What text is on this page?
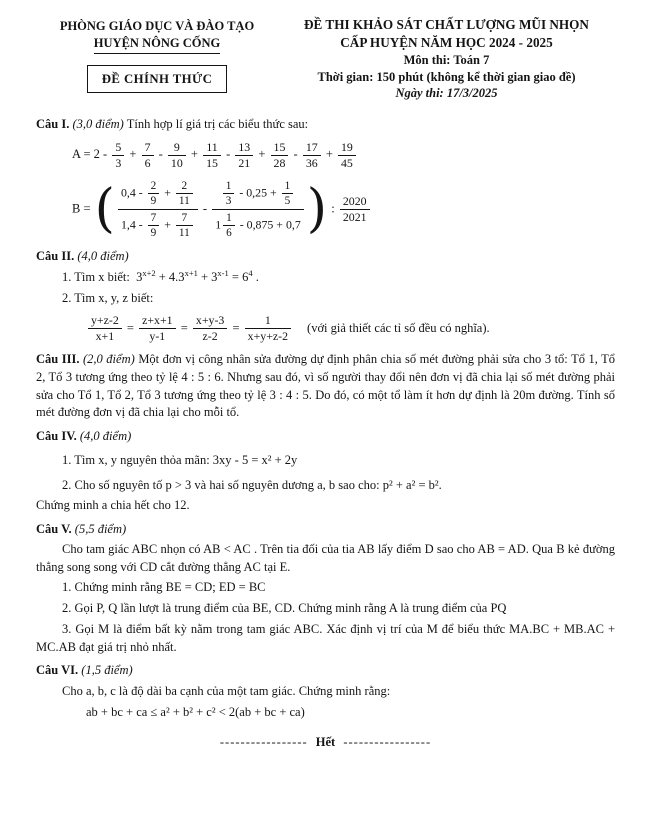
PHÒNG GIÁO DỤC VÀ ĐÀO TẠO
HUYỆN NÔNG CỐNG
ĐỀ CHÍNH THỨC
ĐỀ THI KHẢO SÁT CHẤT LƯỢNG MŨI NHỌN
CẤP HUYỆN NĂM HỌC 2024 - 2025
Môn thi: Toán 7
Thời gian: 150 phút (không kể thời gian giao đề)
Ngày thi: 17/3/2025

Câu I. (3,0 điểm) Tính hợp lí giá trị các biểu thức sau:

$A = 2 - \frac{5}{3} + \frac{7}{6} - \frac{9}{10} + \frac{11}{15} - \frac{13}{21} + \frac{15}{28} - \frac{17}{36} + \frac{19}{45}$
B = ( $\frac{0,4 - \frac{2}{9} + \frac{2}{11}}{1,4 - \frac{7}{9} + \frac{7}{11}} - \frac{\frac{1}{3} - 0,25 + \frac{1}{5}}{1 \frac{1}{6} - 0,875 + 0,7}$ ) : $\frac{2020}{2021}$

Câu II. (4,0 điểm)

1. Tìm x biết: $3^{x+2} + 4.3^{x+1} + 3^{x-1} = 6^4$ .

2. Tìm x, y, z biết:

$\frac{y+z-2}{x+1} = \frac{z+x+1}{y-1} = \frac{x+y-3}{z-2} = \frac{1}{x+y+z-2}$ (với giả thiết các tỉ số đều có nghĩa).

Câu III. (2,0 điểm) Một đơn vị công nhân sửa đường dự định phân chia số mét đường phải sửa cho 3 tổ: Tổ 1, Tổ 2, Tổ 3 tương ứng theo tỷ lệ 4 : 5 : 6. Nhưng sau đó, vì số người thay đổi nên đơn vị đã chia lại số mét đường phải sửa cho Tổ 1, Tổ 2, Tổ 3 tương ứng theo tỷ lệ 3 : 4 : 5. Do đó, có một tổ làm ít hơn dự định là 20m đường. Tính số mét đường đơn vị đã chia lại cho mỗi tổ.

Câu IV. (4,0 điểm)

1. Tìm x, y nguyên thỏa mãn: 3xy - 5 = x² + 2y

2. Cho số nguyên tố p > 3 và hai số nguyên dương a, b sao cho: p² + a² = b².

Chứng minh a chia hết cho 12.

Câu V. (5,5 điểm)

Cho tam giác ABC nhọn có AB < AC . Trên tia đối của tia AB lấy điểm D sao cho AB = AD. Qua B kẻ đường thẳng song song với CD cắt đường thẳng AC tại E.

1. Chứng minh rằng BE = CD; ED = BC

2. Gọi P, Q lần lượt là trung điểm của BE, CD. Chứng minh rằng A là trung điểm của PQ

3. Gọi M là điểm bất kỳ nằm trong tam giác ABC. Xác định vị trí của M để biểu thức MA.BC + MB.AC + MC.AB đạt giá trị nhỏ nhất.

Câu VI. (1,5 điểm)

Cho a, b, c là độ dài ba cạnh của một tam giác. Chứng minh rằng:

ab + bc + ca ≤ a² + b² + c² < 2(ab + bc + ca)

----------------- Hết -----------------
